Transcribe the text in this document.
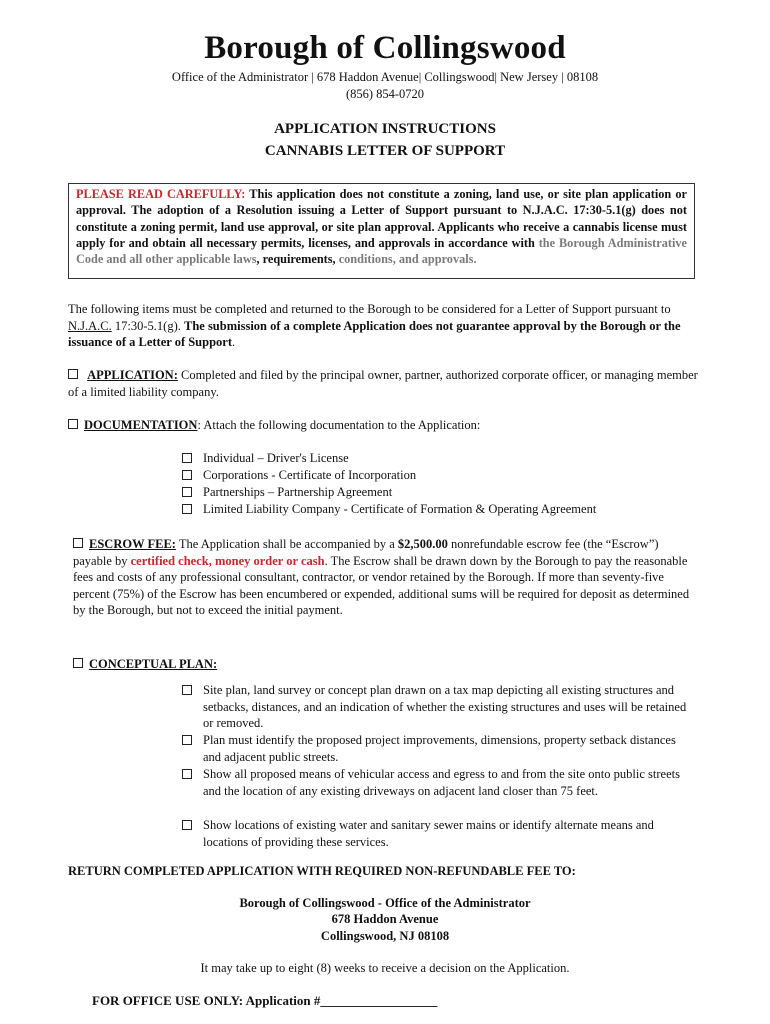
Borough of Collingswood
Office of the Administrator | 678 Haddon Avenue| Collingswood| New Jersey | 08108
(856) 854-0720
APPLICATION INSTRUCTIONS
CANNABIS LETTER OF SUPPORT
PLEASE READ CAREFULLY: This application does not constitute a zoning, land use, or site plan application or approval. The adoption of a Resolution issuing a Letter of Support pursuant to N.J.A.C. 17:30-5.1(g) does not constitute a zoning permit, land use approval, or site plan approval. Applicants who receive a cannabis license must apply for and obtain all necessary permits, licenses, and approvals in accordance with the Borough Administrative Code and all other applicable laws, requirements, conditions, and approvals.
The following items must be completed and returned to the Borough to be considered for a Letter of Support pursuant to N.J.A.C. 17:30-5.1(g). The submission of a complete Application does not guarantee approval by the Borough or the issuance of a Letter of Support.
APPLICATION: Completed and filed by the principal owner, partner, authorized corporate officer, or managing member of a limited liability company.
DOCUMENTATION: Attach the following documentation to the Application:
Individual – Driver's License
Corporations - Certificate of Incorporation
Partnerships – Partnership Agreement
Limited Liability Company - Certificate of Formation & Operating Agreement
ESCROW FEE: The Application shall be accompanied by a $2,500.00 nonrefundable escrow fee (the “Escrow”) payable by certified check, money order or cash. The Escrow shall be drawn down by the Borough to pay the reasonable fees and costs of any professional consultant, contractor, or vendor retained by the Borough. If more than seventy-five percent (75%) of the Escrow has been encumbered or expended, additional sums will be required for deposit as determined by the Borough, but not to exceed the initial payment.
CONCEPTUAL PLAN:
Site plan, land survey or concept plan drawn on a tax map depicting all existing structures and setbacks, distances, and an indication of whether the existing structures and uses will be retained or removed.
Plan must identify the proposed project improvements, dimensions, property setback distances and adjacent public streets.
Show all proposed means of vehicular access and egress to and from the site onto public streets and the location of any existing driveways on adjacent land closer than 75 feet.
Show locations of existing water and sanitary sewer mains or identify alternate means and locations of providing these services.
RETURN COMPLETED APPLICATION WITH REQUIRED NON-REFUNDABLE FEE TO:
Borough of Collingswood - Office of the Administrator
678 Haddon Avenue
Collingswood, NJ 08108
It may take up to eight (8) weeks to receive a decision on the Application.
FOR OFFICE USE ONLY: Application #__________________
